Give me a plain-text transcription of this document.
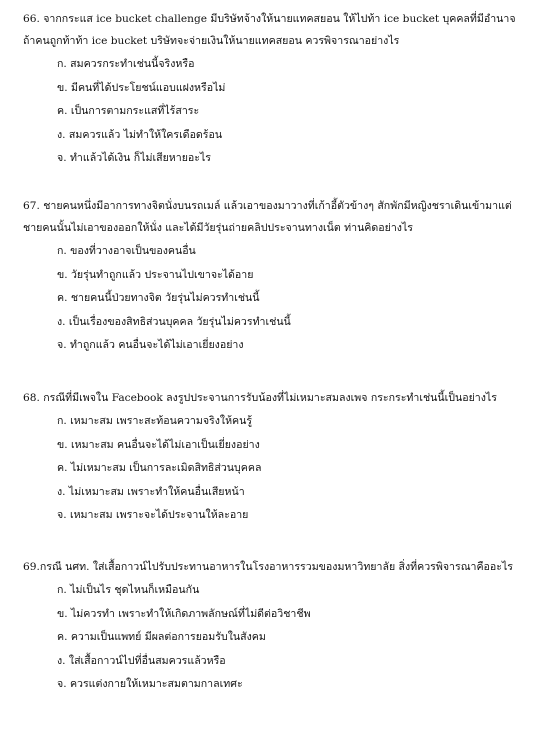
66. จากกระแส ice bucket challenge มีบริษัทจ้างให้นายแทคสยอน ให้ไปท้า ice bucket บุคคลที่มีอำนาจ ถ้าคนถูกท้าท้า ice bucket บริษัทจะจ่ายเงินให้นายแทคสยอน ควรพิจารณาอย่างไร

ก. สมควรกระทำเช่นนี้จริงหรือ
ข. มีคนที่ได้ประโยชน์แอบแฝงหรือไม่
ค. เป็นการตามกระแสที่ไร้สาระ
ง. สมควรแล้ว ไม่ทำให้ใครเดือดร้อน
จ. ทำแล้วได้เงิน ก็ไม่เสียหายอะไร

67. ชายคนหนึ่งมีอาการทางจิตนั่งบนรถเมล์ แล้วเอาของมาวางที่เก้าอี้ตัวข้างๆ สักพักมีหญิงชราเดินเข้ามาแต่ชายคนนั้นไม่เอาของออกให้นั่ง และได้มีวัยรุ่นถ่ายคลิปประจานทางเน็ต ท่านคิดอย่างไร

ก. ของที่วางอาจเป็นของคนอื่น
ข. วัยรุ่นทำถูกแล้ว ประจานไปเขาจะได้อาย
ค. ชายคนนี้ป่วยทางจิต วัยรุ่นไม่ควรทำเช่นนี้
ง. เป็นเรื่องของสิทธิส่วนบุคคล วัยรุ่นไม่ควรทำเช่นนี้
จ. ทำถูกแล้ว คนอื่นจะได้ไม่เอาเยี่ยงอย่าง

68. กรณีที่มีเพจใน Facebook ลงรูปประจานการรับน้องที่ไม่เหมาะสมลงเพจ กระกระทำเช่นนี้เป็นอย่างไร

ก. เหมาะสม เพราะสะท้อนความจริงให้คนรู้
ข. เหมาะสม คนอื่นจะได้ไม่เอาเป็นเยี่ยงอย่าง
ค. ไม่เหมาะสม เป็นการละเมิดสิทธิส่วนบุคคล
ง. ไม่เหมาะสม เพราะทำให้คนอื่นเสียหน้า
จ. เหมาะสม เพราะจะได้ประจานให้ละอาย

69.กรณี นศท. ใส่เสื้อกาวน์ไปรับประทานอาหารในโรงอาหารรวมของมหาวิทยาลัย สิ่งที่ควรพิจารณาคืออะไร

ก. ไม่เป็นไร ชุดไหนก็เหมือนกัน
ข. ไม่ควรทำ เพราะทำให้เกิดภาพลักษณ์ที่ไม่ดีต่อวิชาชีพ
ค. ความเป็นแพทย์ มีผลต่อการยอมรับในสังคม
ง. ใส่เสื้อกาวน์ไปที่อื่นสมควรแล้วหรือ
จ. ควรแต่งกายให้เหมาะสมตามกาลเทศะ
